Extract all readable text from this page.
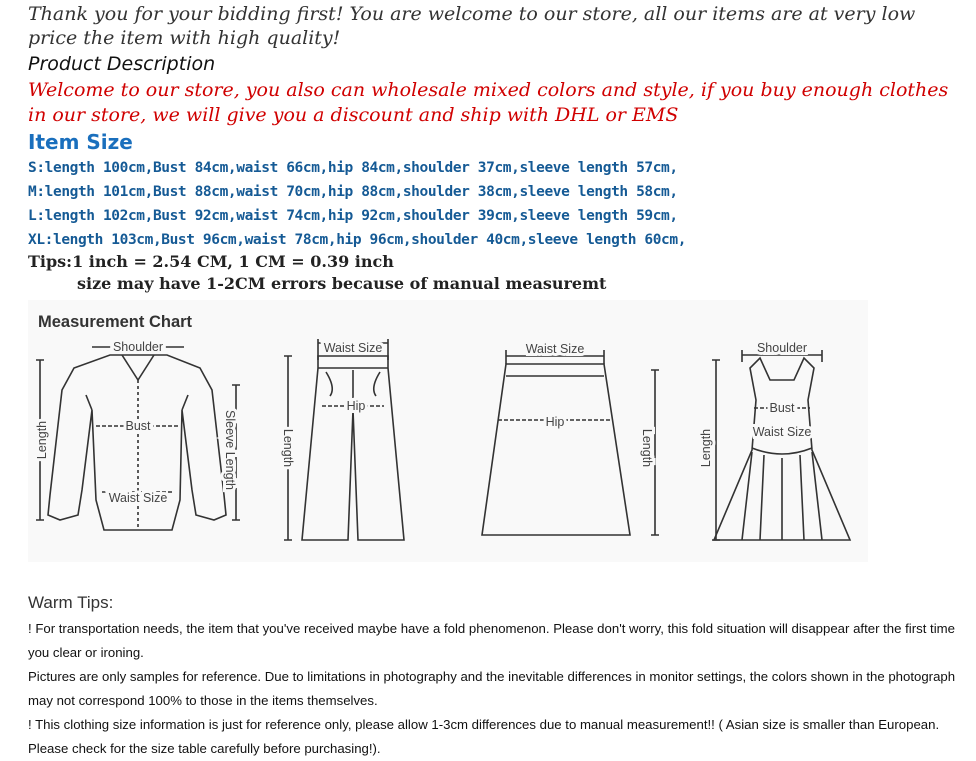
Thank you for your bidding first! You are welcome to our store, all our items are at very low price the item with high quality!
Product Description
Welcome to our store, you also can wholesale mixed colors and style, if you buy enough clothes in our store, we will give you a discount and ship with DHL or EMS
Item Size
S:length 100cm,Bust 84cm,waist 66cm,hip 84cm,shoulder 37cm,sleeve length 57cm,
M:length 101cm,Bust 88cm,waist 70cm,hip 88cm,shoulder 38cm,sleeve length 58cm,
L:length 102cm,Bust 92cm,waist 74cm,hip 92cm,shoulder 39cm,sleeve length 59cm,
XL:length 103cm,Bust 96cm,waist 78cm,hip 96cm,shoulder 40cm,sleeve length 60cm,
Tips:1 inch = 2.54 CM, 1 CM = 0.39 inch
size may have 1-2CM errors because of manual measuremt
Measurement Chart
Shoulder
Bust
Waist Size
Length	Sleeve Length
Waist Size
Hip
Length
Waist Size
Hip
Length
Shoulder
Bust
Waist Size
Length
Warm Tips:

! For transportation needs, the item that you've received maybe have a fold phenomenon. Please don't worry, this fold situation will disappear after the first time you clear or ironing.

Pictures are only samples for reference. Due to limitations in photography and the inevitable differences in monitor settings, the colors shown in the photograph may not correspond 100% to those in the items themselves.

! This clothing size information is just for reference only, please allow 1-3cm differences due to manual measurement!! ( Asian size is smaller than European. Please check for the size table carefully before purchasing!).
